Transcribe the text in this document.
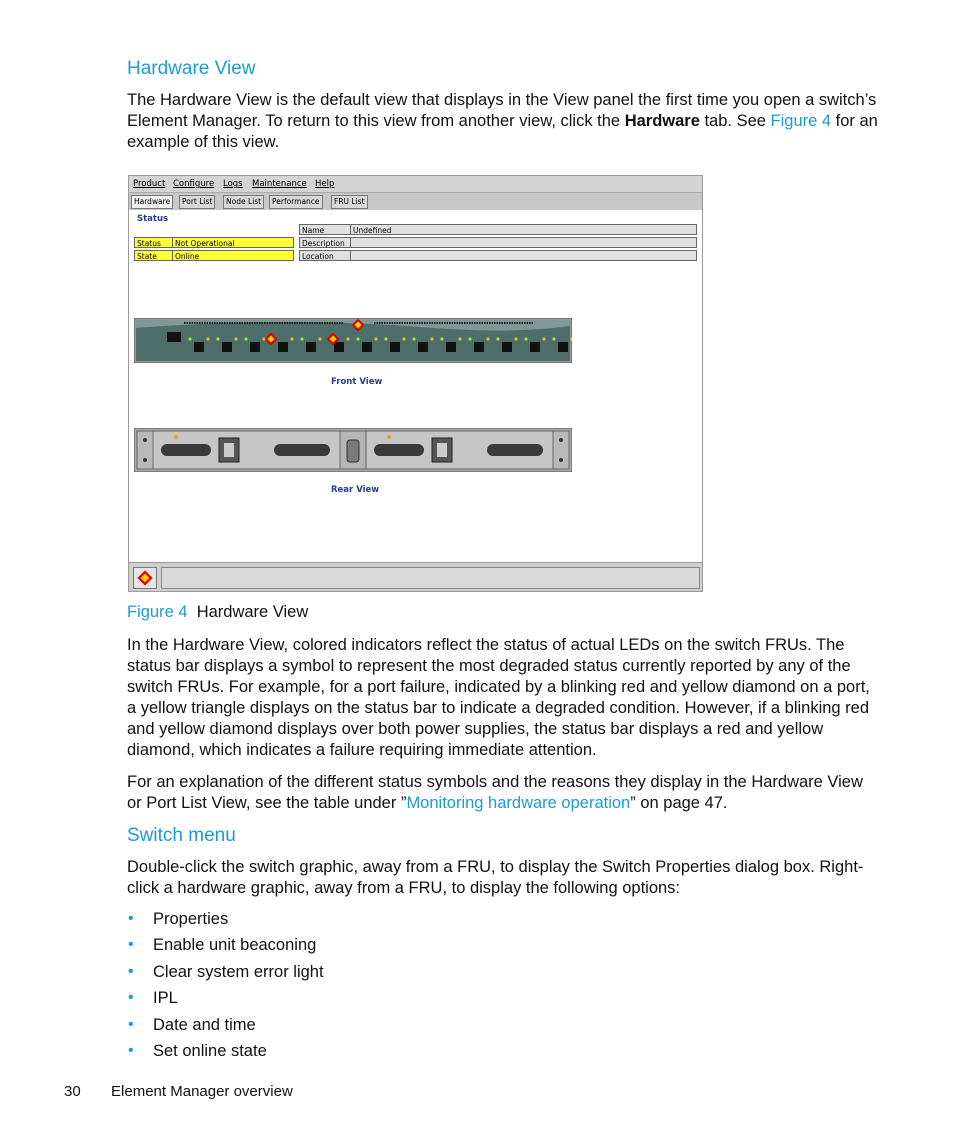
Hardware View

The Hardware View is the default view that displays in the View panel the first time you open a switch’s Element Manager. To return to this view from another view, click the Hardware tab. See Figure 4 for an example of this view.

Product Configure Logs Maintenance Help
Hardware	Port List	Node List	Performance	FRU List
Status
Status	Not Operational
State	Online
Name	Undefined
Description
Location
Front View
Rear View
Figure 4 Hardware View

In the Hardware View, colored indicators reflect the status of actual LEDs on the switch FRUs. The status bar displays a symbol to represent the most degraded status currently reported by any of the switch FRUs. For example, for a port failure, indicated by a blinking red and yellow diamond on a port, a yellow triangle displays on the status bar to indicate a degraded condition. However, if a blinking red and yellow diamond displays over both power supplies, the status bar displays a red and yellow diamond, which indicates a failure requiring immediate attention.

For an explanation of the different status symbols and the reasons they display in the Hardware View or Port List View, see the table under ”Monitoring hardware operation” on page 47.

Switch menu

Double-click the switch graphic, away from a FRU, to display the Switch Properties dialog box. Right-click a hardware graphic, away from a FRU, to display the following options:

• Properties
• Enable unit beaconing
• Clear system error light
• IPL
• Date and time
• Set online state
30 Element Manager overview
